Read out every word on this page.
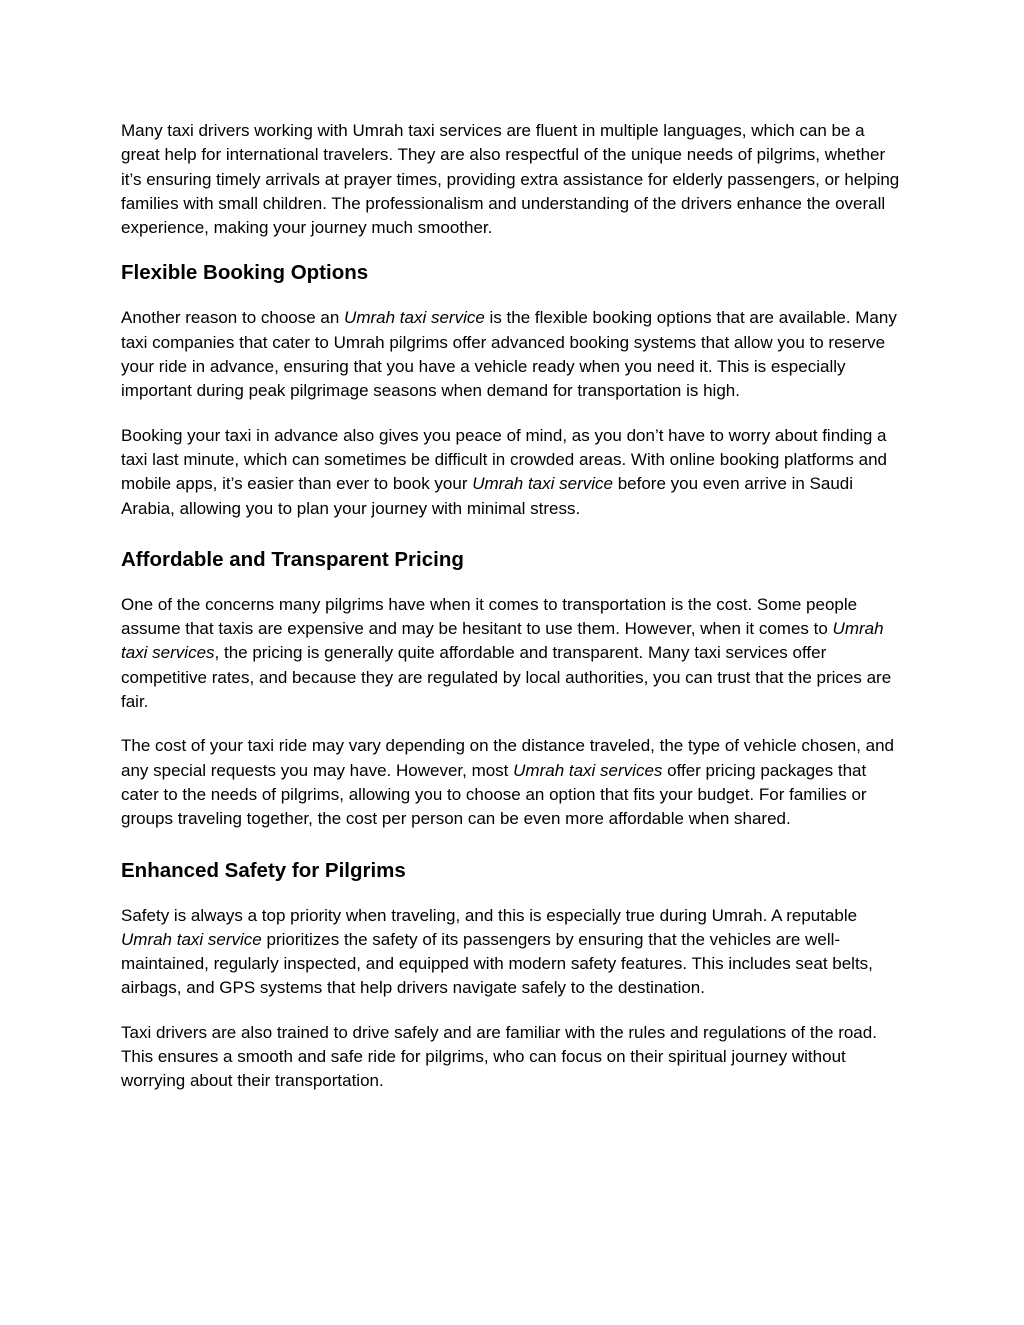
Many taxi drivers working with Umrah taxi services are fluent in multiple languages, which can be a great help for international travelers. They are also respectful of the unique needs of pilgrims, whether it’s ensuring timely arrivals at prayer times, providing extra assistance for elderly passengers, or helping families with small children. The professionalism and understanding of the drivers enhance the overall experience, making your journey much smoother.

Flexible Booking Options

Another reason to choose an Umrah taxi service is the flexible booking options that are available. Many taxi companies that cater to Umrah pilgrims offer advanced booking systems that allow you to reserve your ride in advance, ensuring that you have a vehicle ready when you need it. This is especially important during peak pilgrimage seasons when demand for transportation is high.

Booking your taxi in advance also gives you peace of mind, as you don’t have to worry about finding a taxi last minute, which can sometimes be difficult in crowded areas. With online booking platforms and mobile apps, it’s easier than ever to book your Umrah taxi service before you even arrive in Saudi Arabia, allowing you to plan your journey with minimal stress.

Affordable and Transparent Pricing

One of the concerns many pilgrims have when it comes to transportation is the cost. Some people assume that taxis are expensive and may be hesitant to use them. However, when it comes to Umrah taxi services, the pricing is generally quite affordable and transparent. Many taxi services offer competitive rates, and because they are regulated by local authorities, you can trust that the prices are fair.

The cost of your taxi ride may vary depending on the distance traveled, the type of vehicle chosen, and any special requests you may have. However, most Umrah taxi services offer pricing packages that cater to the needs of pilgrims, allowing you to choose an option that fits your budget. For families or groups traveling together, the cost per person can be even more affordable when shared.

Enhanced Safety for Pilgrims

Safety is always a top priority when traveling, and this is especially true during Umrah. A reputable Umrah taxi service prioritizes the safety of its passengers by ensuring that the vehicles are well-maintained, regularly inspected, and equipped with modern safety features. This includes seat belts, airbags, and GPS systems that help drivers navigate safely to the destination.

Taxi drivers are also trained to drive safely and are familiar with the rules and regulations of the road. This ensures a smooth and safe ride for pilgrims, who can focus on their spiritual journey without worrying about their transportation.
